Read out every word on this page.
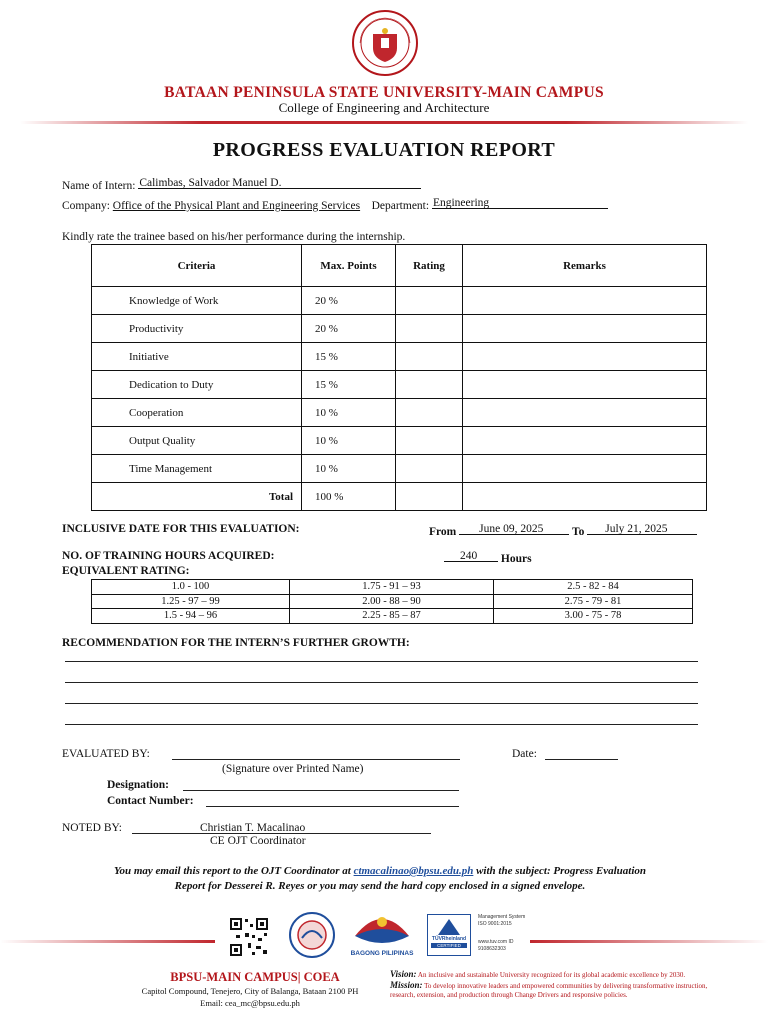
BATAAN PENINSULA STATE UNIVERSITY-MAIN CAMPUS
College of Engineering and Architecture
PROGRESS EVALUATION REPORT
Name of Intern: Calimbas, Salvador Manuel D.
Company: Office of the Physical Plant and Engineering Services Department: Engineering
Kindly rate the trainee based on his/her performance during the internship.
Criteria	Max. Points	Rating	Remarks
Knowledge of Work	20 %		
Productivity	20 %		
Initiative	15 %		
Dedication to Duty	15 %		
Cooperation	10 %		
Output Quality	10 %		
Time Management	10 %		
Total	100 %		
INCLUSIVE DATE FOR THIS EVALUATION:	From June 09, 2025 To July 21, 2025
NO. OF TRAINING HOURS ACQUIRED:	240 Hours
EQUIVALENT RATING:
1.0 - 100	1.75 - 91 – 93	2.5 - 82 - 84
1.25 - 97 – 99	2.00 - 88 – 90	2.75 - 79 - 81
1.5 - 94 – 96	2.25 - 85 – 87	3.00 - 75 - 78
RECOMMENDATION FOR THE INTERN’S FURTHER GROWTH:
EVALUATED BY:	Date:
(Signature over Printed Name)
Designation:
Contact Number:
NOTED BY:	Christian T. Macalinao
CE OJT Coordinator
You may email this report to the OJT Coordinator at ctmacalinao@bpsu.edu.ph with the subject: Progress Evaluation Report for Desserei R. Reyes or you may send the hard copy enclosed in a signed envelope.
BAGONG PILIPINAS
TÜVRheinland
CERTIFIED
Management System ISO 9001:2015
www.tuv.com ID 9108632303
BPSU-MAIN CAMPUS| COEA
Capitol Compound, Tenejero, City of Balanga, Bataan 2100 PH
Email: cea_mc@bpsu.edu.ph
Vision: An inclusive and sustainable University recognized for its global academic excellence by 2030.
Mission: To develop innovative leaders and empowered communities by delivering transformative instruction, research, extension, and production through Change Drivers and responsive policies.
